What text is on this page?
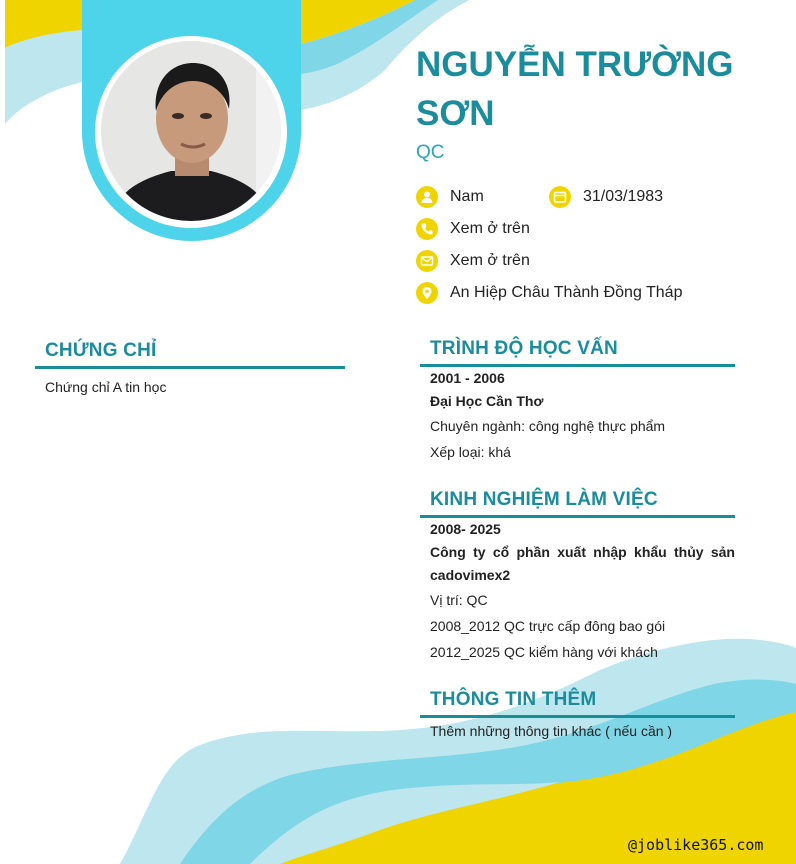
NGUYỄN TRƯỜNG SƠN
QC
Nam	31/03/1983
Xem ở trên
Xem ở trên
An Hiệp Châu Thành Đồng Tháp
CHỨNG CHỈ
Chứng chỉ A tin học
TRÌNH ĐỘ HỌC VẤN
2001 - 2006
Đại Học Cần Thơ
Chuyên ngành: công nghệ thực phẩm
Xếp loại: khá
KINH NGHIỆM LÀM VIỆC
2008- 2025
Công ty cổ phần xuất nhập khẩu thủy sản cadovimex2
Vị trí: QC
2008_2012 QC trực cấp đông bao gói
2012_2025 QC kiểm hàng với khách
THÔNG TIN THÊM
Thêm những thông tin khác ( nếu cần )
@joblike365.com
